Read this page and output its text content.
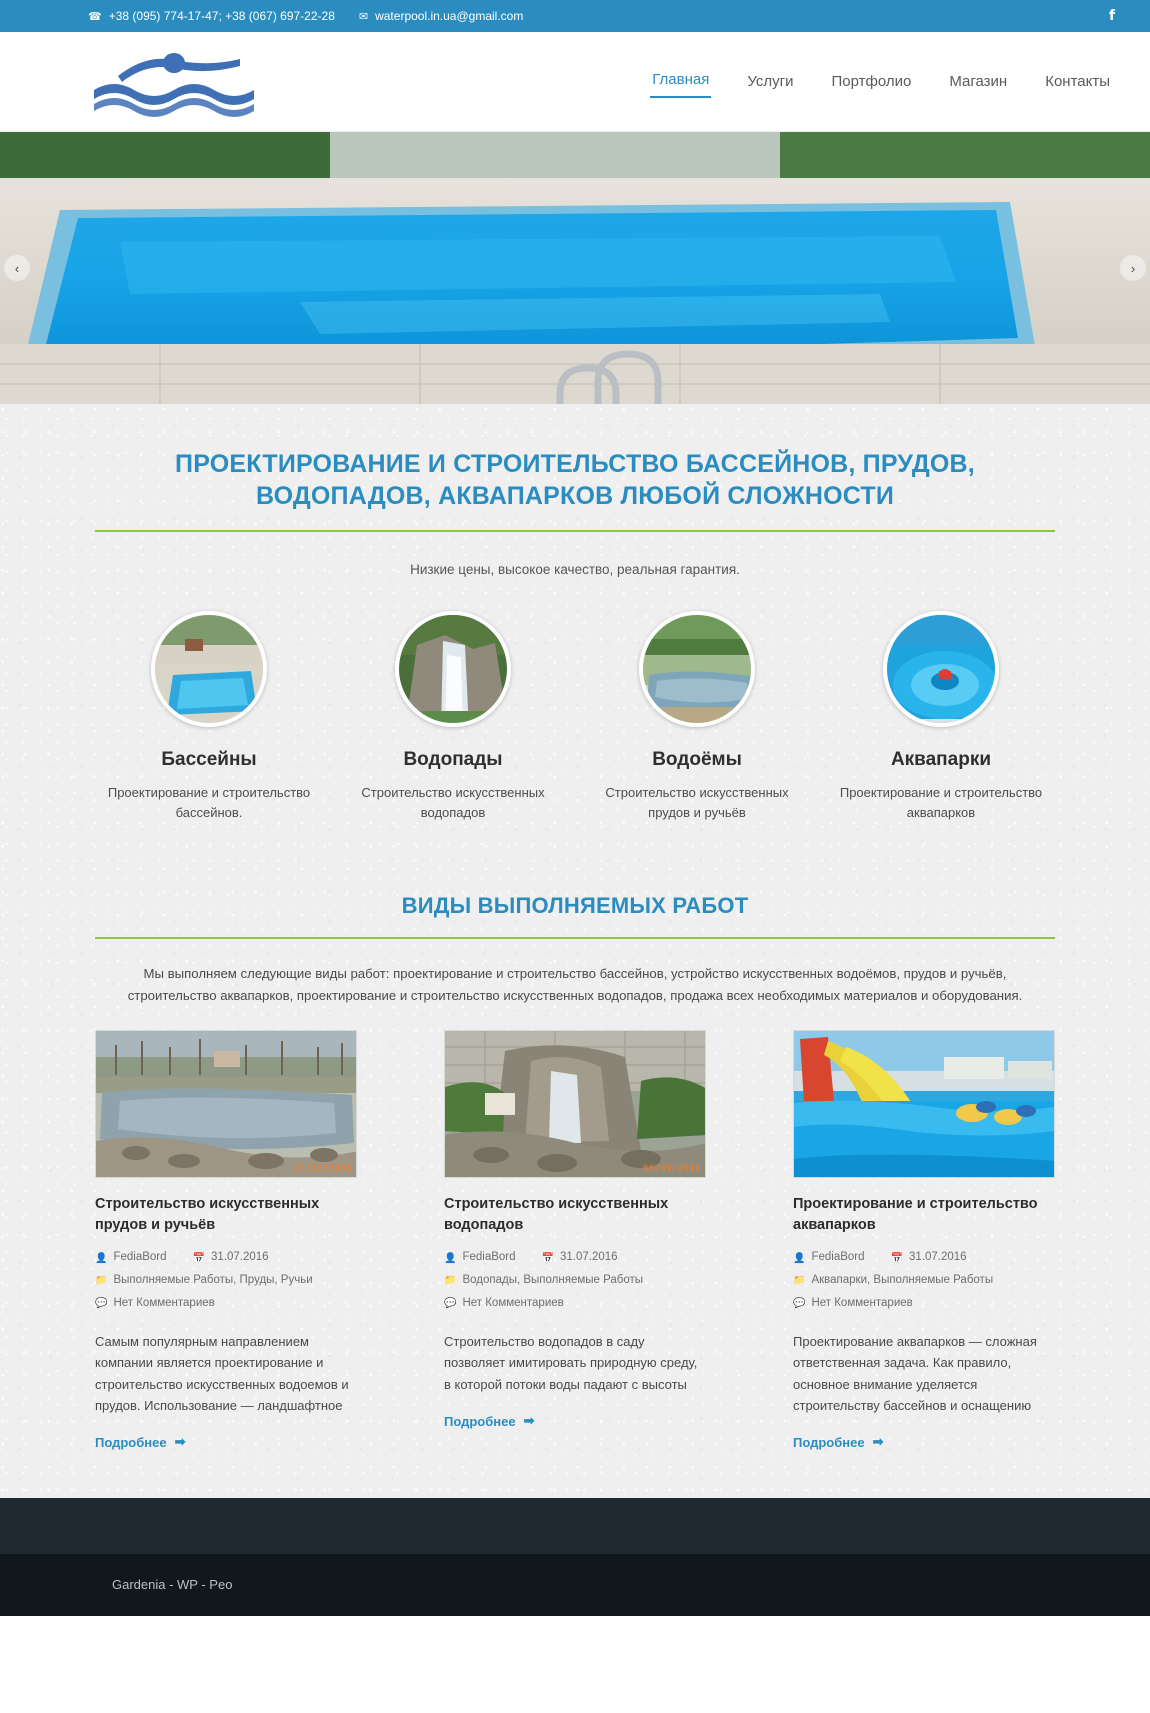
☎ +38 (095) 774-17-47; +38 (067) 697-22-28 ✉ waterpool.in.ua@gmail.com	f
Главная	Услуги	Портфолио	Магазин	Контакты
‹	›
ПРОЕКТИРОВАНИЕ И СТРОИТЕЛЬСТВО БАССЕЙНОВ, ПРУДОВ, ВОДОПАДОВ, АКВАПАРКОВ ЛЮБОЙ СЛОЖНОСТИ

Низкие цены, высокое качество, реальная гарантия.

Бассейны

Проектирование и строительство бассейнов.

Водопады

Строительство искусственных водопадов

Водоёмы

Строительство искусственных прудов и ручьёв

Аквапарки

Проектирование и строительство аквапарков

ВИДЫ ВЫПОЛНЯЕМЫХ РАБОТ

Мы выполняем следующие виды работ: проектирование и строительство бассейнов, устройство искусственных водоёмов, прудов и ручьёв, строительство аквапарков, проектирование и строительство искусственных водопадов, продажа всех необходимых материалов и оборудования.

13/12/2008
Строительство искусственных прудов и ручьёв
👤 FediaBord	📅 31.07.2016
📁 Выполняемые Работы, Пруды, Ручьи
💬 Нет Комментариев

Самым популярным направлением компании является проектирование и строительство искусственных водоемов и прудов. Использование — ландшафтное

Подробнее ➡
06/09/2011
Строительство искусственных водопадов
👤 FediaBord	📅 31.07.2016
📁 Водопады, Выполняемые Работы
💬 Нет Комментариев

Строительство водопадов в саду позволяет имитировать природную среду, в которой потоки воды падают с высоты

Подробнее ➡
Проектирование и строительство аквапарков
👤 FediaBord	📅 31.07.2016
📁 Аквапарки, Выполняемые Работы
💬 Нет Комментариев

Проектирование аквапарков — сложная ответственная задача. Как правило, основное внимание уделяется строительству бассейнов и оснащению

Подробнее ➡
Gardenia - WP - Peo
